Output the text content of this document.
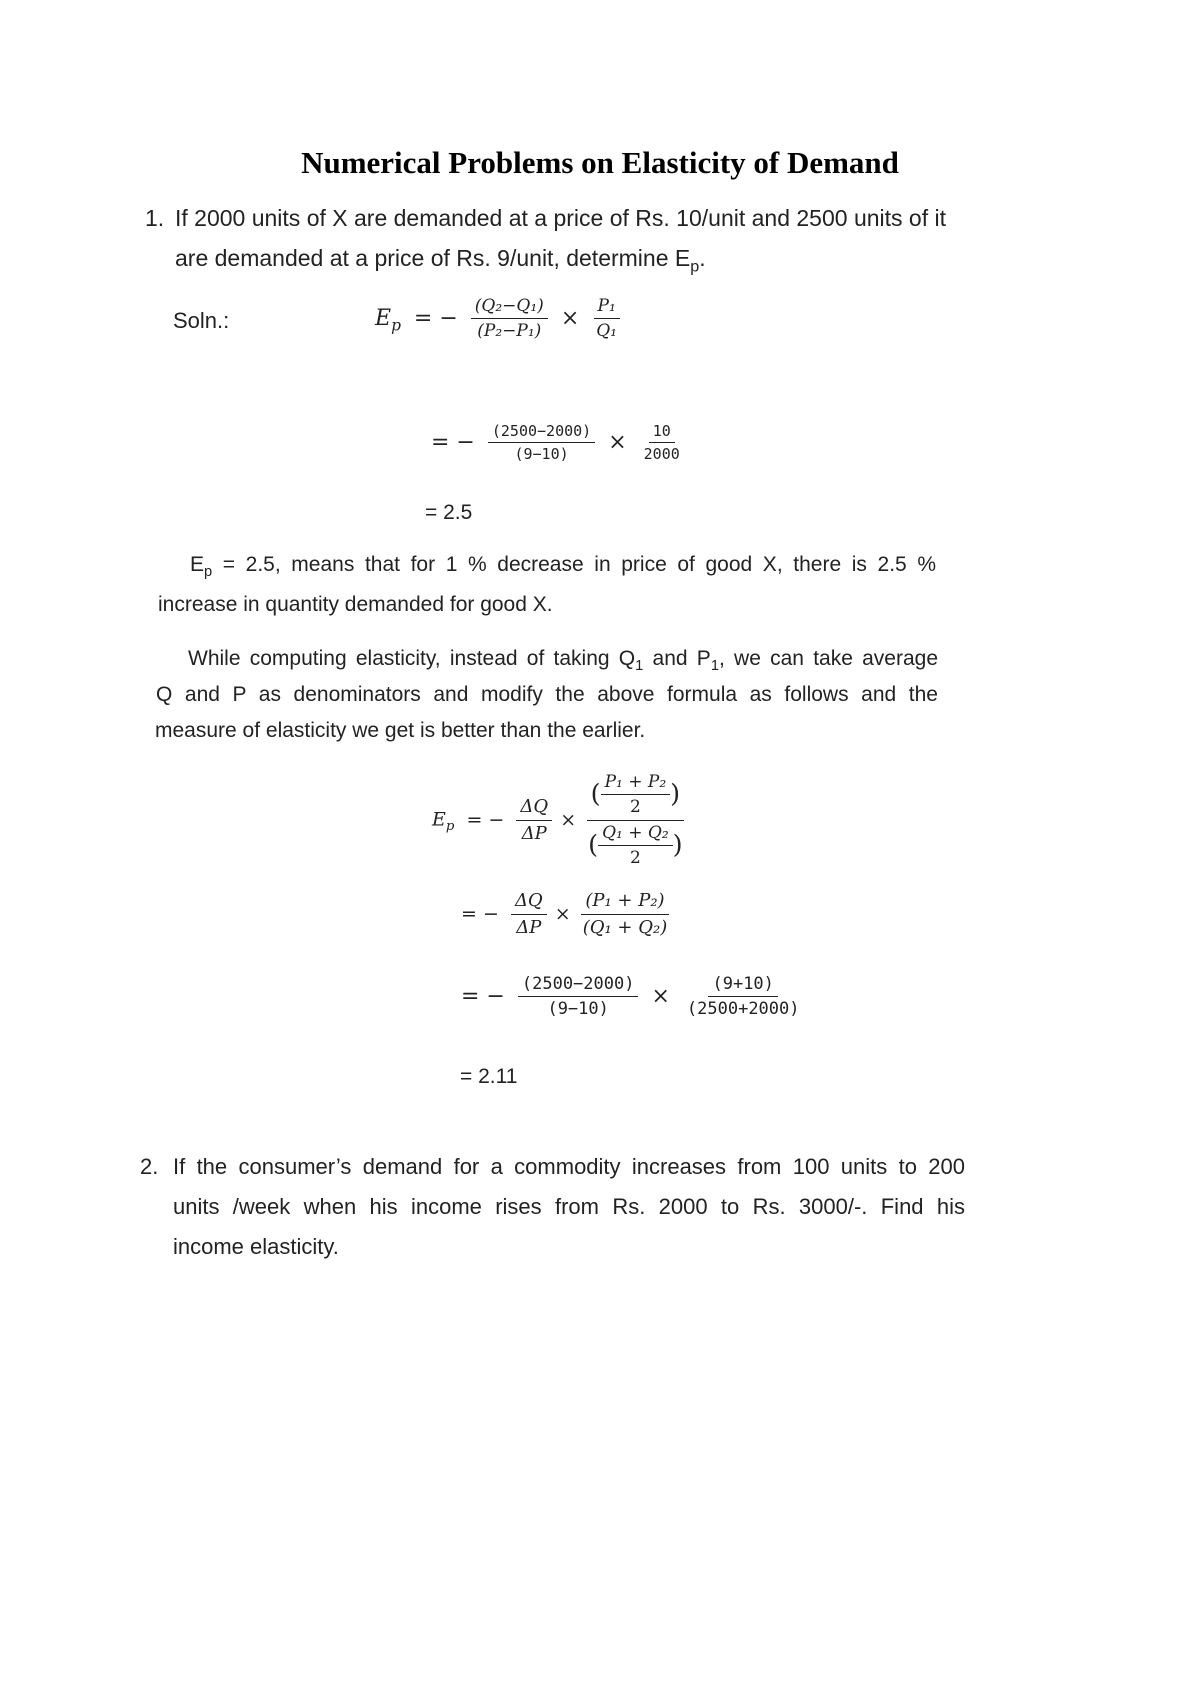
Numerical Problems on Elasticity of Demand
1. If 2000 units of X are demanded at a price of Rs. 10/unit and 2500 units of it
are demanded at a price of Rs. 9/unit, determine $E_p$.
Soln.:	$E_p$ = − $\frac{\text{(Q₂−Q₁)}}{\text{(P₂−P₁)}} \times \frac{\text{P₁}}{\text{Q₁}}$
= − $\frac{(2500-2000)}{(9-10)} \times \frac{10}{2000}$
= 2.5
$E_p = 2.5$, means that for 1 % decrease in price of good X, there is 2.5 %
increase in quantity demanded for good X.
While computing elasticity, instead of taking $Q_1$ and $P_1$, we can take average
Q and P as denominators and modify the above formula as follows and the
measure of elasticity we get is better than the earlier.
$E_p$ = − $\frac{\Delta Q}{\Delta P} \times \frac{( \frac{\text{P₁ + P₂}}{2} )}{( \frac{\text{Q₁ + Q₂}}{2} )}$
= − $\frac{\Delta Q}{\Delta P} \times \frac{\text{(P₁ + P₂)}}{\text{(Q₁ + Q₂)}}$
= − $\frac{(2500-2000)}{(9-10)} \times \frac{(9+10)}{(2500+2000)}$
= 2.11
2. If the consumer’s demand for a commodity increases from 100 units to 200
units /week when his income rises from Rs. 2000 to Rs. 3000/-. Find his
income elasticity.
